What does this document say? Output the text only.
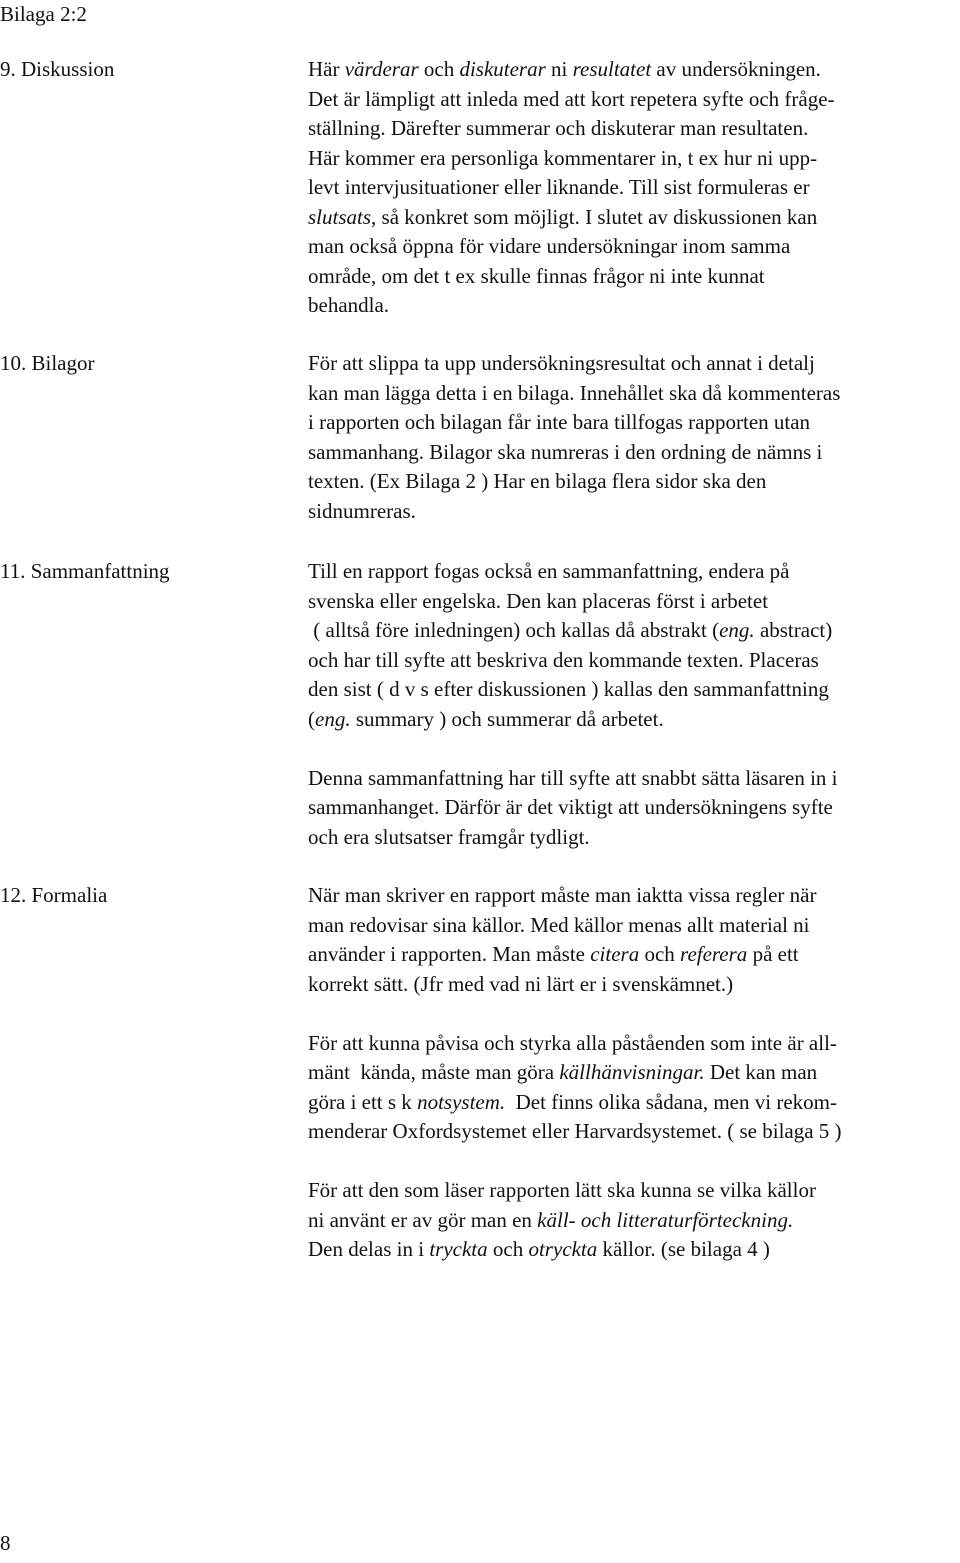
Bilaga 2:2
9. Diskussion	Här värderar och diskuterar ni resultatet av undersökningen.
Det är lämpligt att inleda med att kort repetera syfte och fråge-
ställning. Därefter summerar och diskuterar man resultaten.
Här kommer era personliga kommentarer in, t ex hur ni upp-
levt intervjusituationer eller liknande. Till sist formuleras er
slutsats, så konkret som möjligt. I slutet av diskussionen kan
man också öppna för vidare undersökningar inom samma
område, om det t ex skulle finnas frågor ni inte kunnat
behandla.
10. Bilagor	För att slippa ta upp undersökningsresultat och annat i detalj
kan man lägga detta i en bilaga. Innehållet ska då kommenteras
i rapporten och bilagan får inte bara tillfogas rapporten utan
sammanhang. Bilagor ska numreras i den ordning de nämns i
texten. (Ex Bilaga 2 ) Har en bilaga flera sidor ska den
sidnumreras.
11. Sammanfattning	Till en rapport fogas också en sammanfattning, endera på
svenska eller engelska. Den kan placeras först i arbetet
( alltså före inledningen) och kallas då abstrakt (eng. abstract)
och har till syfte att beskriva den kommande texten. Placeras
den sist ( d v s efter diskussionen ) kallas den sammanfattning
(eng. summary ) och summerar då arbetet.
Denna sammanfattning har till syfte att snabbt sätta läsaren in i
sammanhanget. Därför är det viktigt att undersökningens syfte
och era slutsatser framgår tydligt.
12. Formalia	När man skriver en rapport måste man iaktta vissa regler när
man redovisar sina källor. Med källor menas allt material ni
använder i rapporten. Man måste citera och referera på ett
korrekt sätt. (Jfr med vad ni lärt er i svenskämnet.)
För att kunna påvisa och styrka alla påståenden som inte är all-
mänt  kända, måste man göra källhänvisningar. Det kan man
göra i ett s k notsystem.  Det finns olika sådana, men vi rekom-
menderar Oxfordsystemet eller Harvardsystemet. ( se bilaga 5 )
För att den som läser rapporten lätt ska kunna se vilka källor
ni använt er av gör man en käll- och litteraturförteckning.
Den delas in i tryckta och otryckta källor. (se bilaga 4 )
8
